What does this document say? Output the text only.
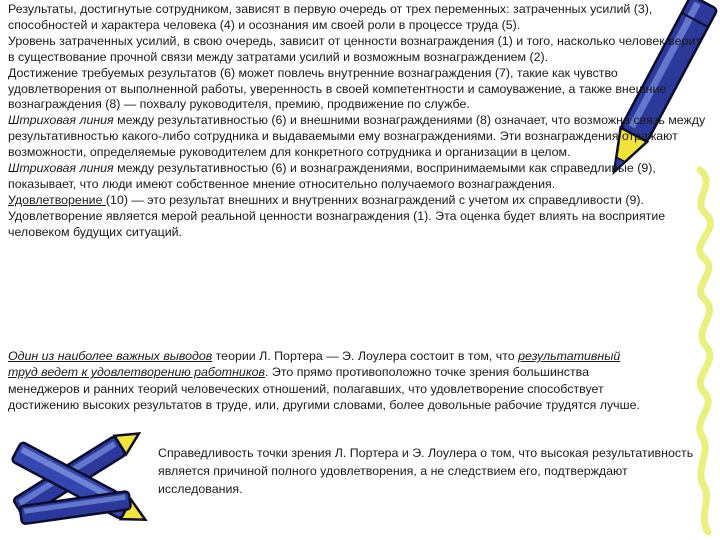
Результаты, достигнутые сотрудником, зависят в первую очередь от трех переменных: затраченных усилий (3), способностей и характера человека (4) и осознания им своей роли в процессе труда (5).

Уровень затраченных усилий, в свою очередь, зависит от ценности вознаграждения (1) и того, насколько человек верит в существование прочной связи между затратами усилий и возможным вознаграждением (2).

Достижение требуемых результатов (6) может повлечь внутренние вознаграждения (7), такие как чувство удовлетворения от выполненной работы, уверенность в своей компетентности и самоуважение, а также внешние вознаграждения (8) — похвалу руководителя, премию, продвижение по службе.

Штриховая линия между результативностью (6) и внешними вознаграждениями (8) означает, что возможна связь между результативностью какого-либо сотрудника и выдаваемыми ему вознаграждениями. Эти вознаграждения отражают возможности, определяемые руководителем для конкретного сотрудника и организации в целом.

Штриховая линия между результативностью (6) и вознаграждениями, воспринимаемыми как справедливые (9), показывает, что люди имеют собственное мнение относительно получаемого вознаграждения.

Удовлетворение (10) — это результат внешних и внутренних вознаграждений с учетом их справедливости (9). Удовлетворение является мерой реальной ценности вознаграждения (1). Эта оценка будет влиять на восприятие человеком будущих ситуаций.

Один из наиболее важных выводов теории Л. Портера — Э. Лоулера состоит в том, что результативный труд ведет к удовлетворению работников. Это прямо противоположно точке зрения большинства менеджеров и ранних теорий человеческих отношений, полагавших, что удовлетворение способствует достижению высоких результатов в труде, или, другими словами, более довольные рабочие трудятся лучше.

Справедливость точки зрения Л. Портера и Э. Лоулера о том, что высокая результативность является причиной полного удовлетворения, а не следствием его, подтверждают исследования.
